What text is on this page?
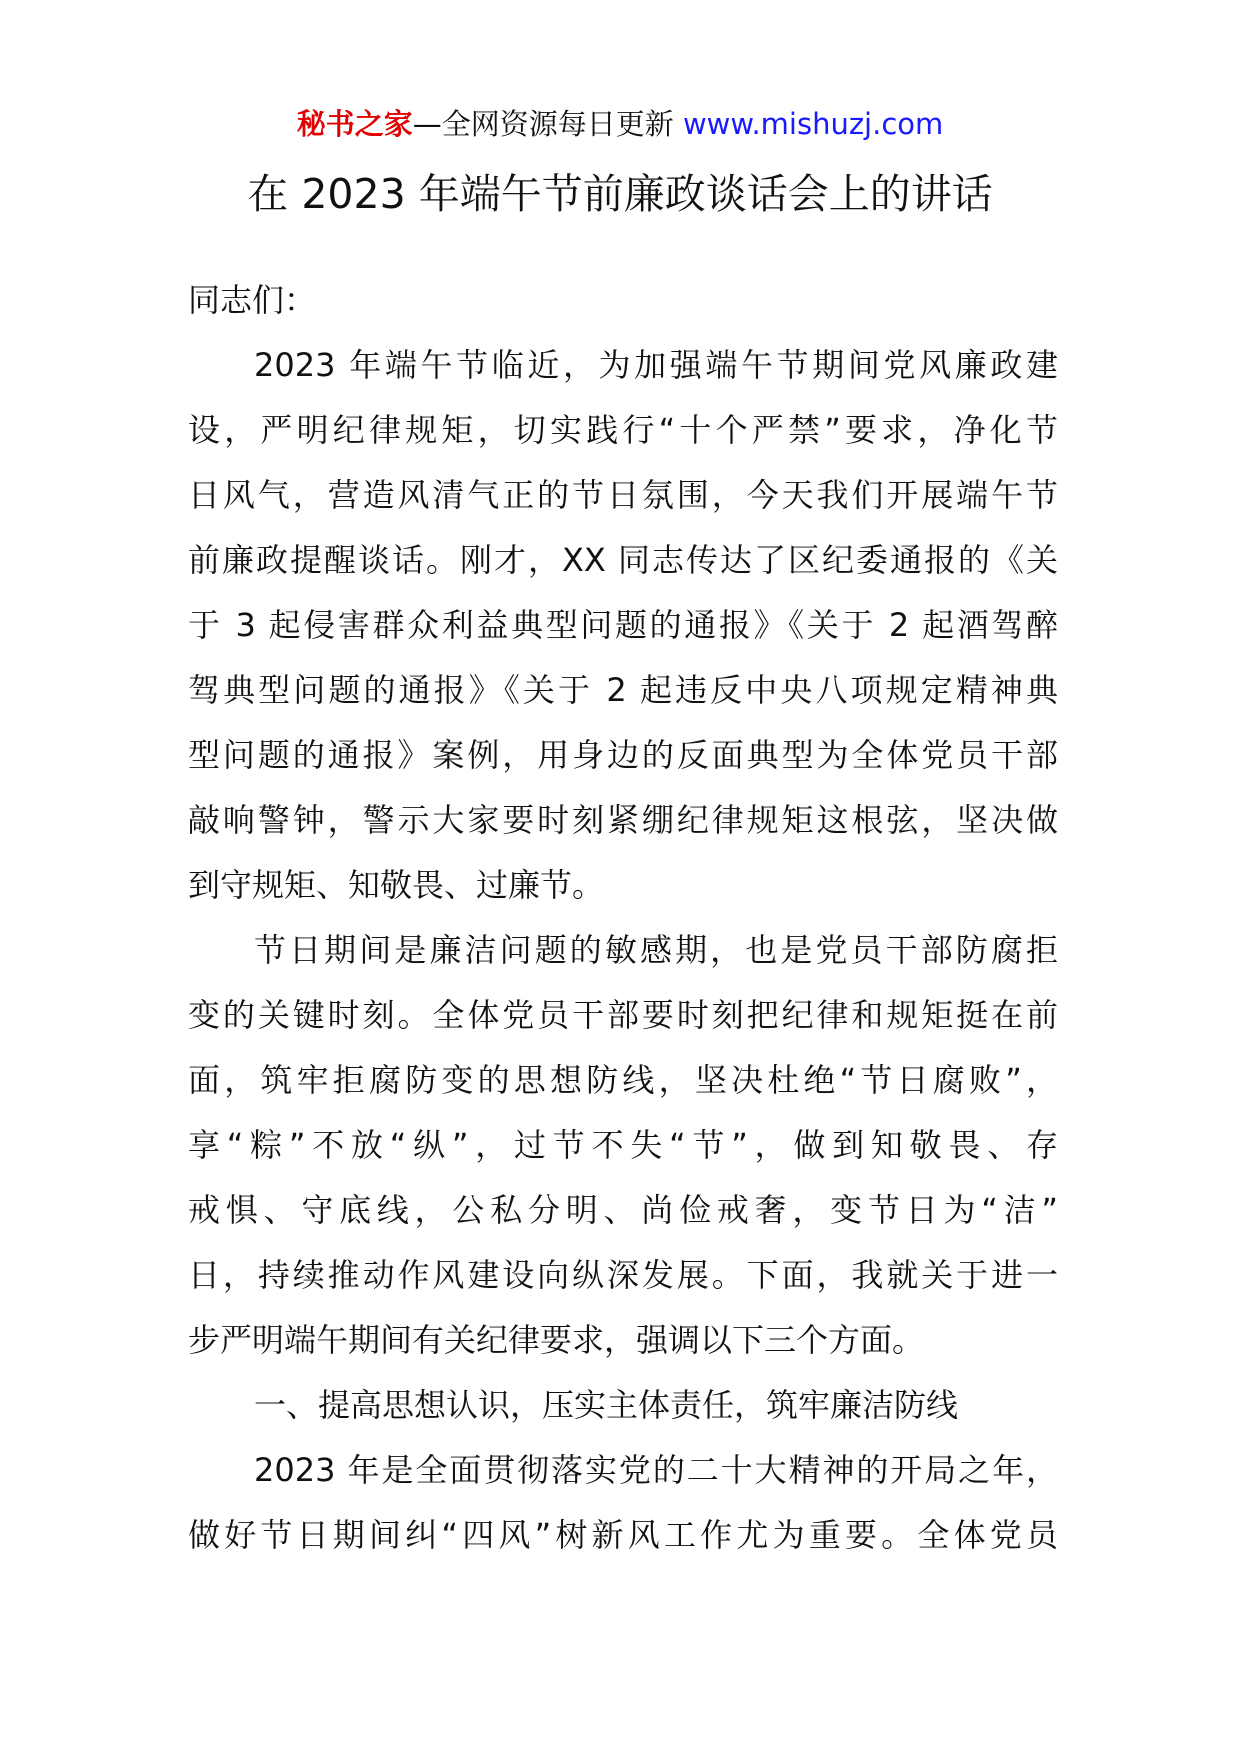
秘书之家—全网资源每日更新 www.mishuzj.com
在 2023 年端午节前廉政谈话会上的讲话
同志们：
2023 年端午节临近，为加强端午节期间党风廉政建
设，严明纪律规矩，切实践行“十个严禁”要求，净化节
日风气，营造风清气正的节日氛围，今天我们开展端午节
前廉政提醒谈话。刚才，XX 同志传达了区纪委通报的《关
于 3 起侵害群众利益典型问题的通报》《关于 2 起酒驾醉
驾典型问题的通报》《关于 2 起违反中央八项规定精神典
型问题的通报》案例，用身边的反面典型为全体党员干部
敲响警钟，警示大家要时刻紧绷纪律规矩这根弦，坚决做
到守规矩、知敬畏、过廉节。
节日期间是廉洁问题的敏感期，也是党员干部防腐拒
变的关键时刻。全体党员干部要时刻把纪律和规矩挺在前
面，筑牢拒腐防变的思想防线，坚决杜绝“节日腐败”，
享“粽”不放“纵”，过节不失“节”，做到知敬畏、存
戒惧、守底线，公私分明、尚俭戒奢，变节日为“洁”
日，持续推动作风建设向纵深发展。下面，我就关于进一
步严明端午期间有关纪律要求，强调以下三个方面。
一、提高思想认识，压实主体责任，筑牢廉洁防线
2023 年是全面贯彻落实党的二十大精神的开局之年，
做好节日期间纠“四风”树新风工作尤为重要。全体党员
